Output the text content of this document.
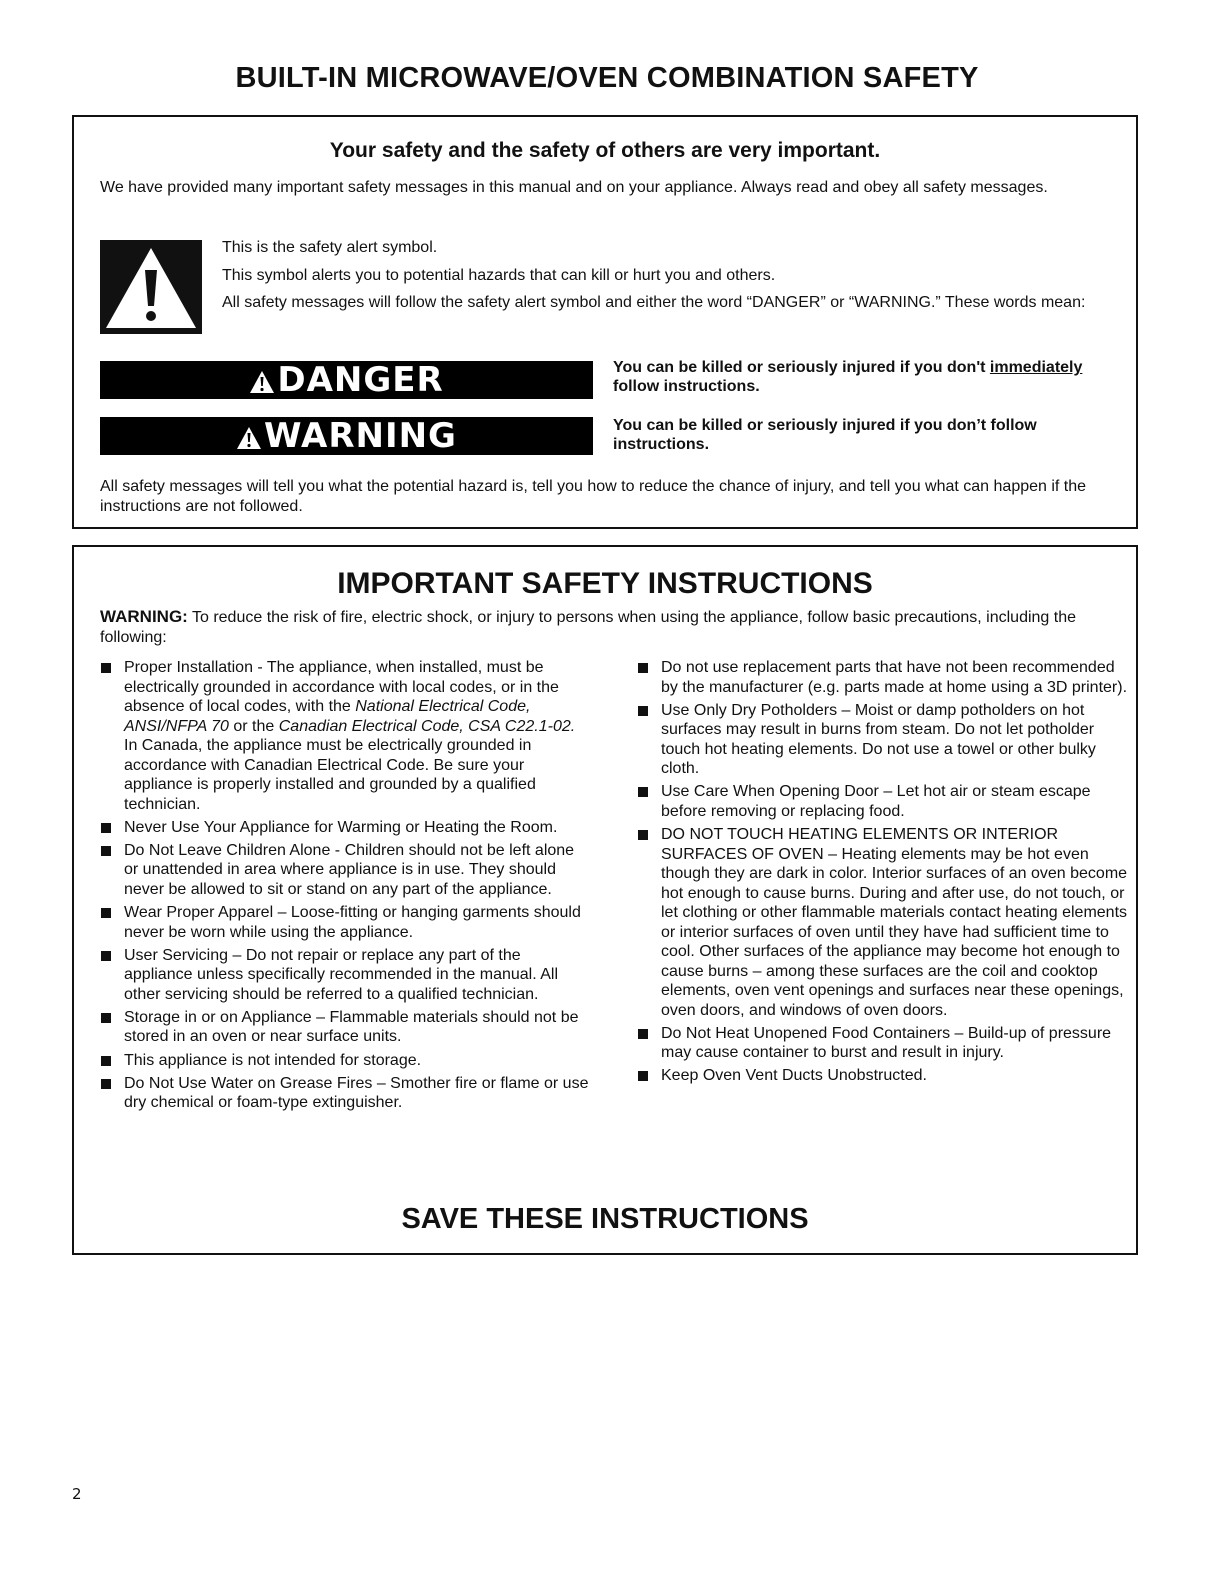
BUILT-IN MICROWAVE/OVEN COMBINATION SAFETY
Your safety and the safety of others are very important.

We have provided many important safety messages in this manual and on your appliance. Always read and obey all safety messages.

This is the safety alert symbol.

This symbol alerts you to potential hazards that can kill or hurt you and others.

All safety messages will follow the safety alert symbol and either the word “DANGER” or “WARNING.” These words mean:

DANGER	You can be killed or seriously injured if you don't immediately follow instructions.
WARNING	You can be killed or seriously injured if you don’t follow instructions.

All safety messages will tell you what the potential hazard is, tell you how to reduce the chance of injury, and tell you what can happen if the instructions are not followed.

IMPORTANT SAFETY INSTRUCTIONS

WARNING: To reduce the risk of fire, electric shock, or injury to persons when using the appliance, follow basic precautions, including the following:

Proper Installation - The appliance, when installed, must be electrically grounded in accordance with local codes, or in the absence of local codes, with the National Electrical Code, ANSI/NFPA 70 or the Canadian Electrical Code, CSA C22.1-02. In Canada, the appliance must be electrically grounded in accordance with Canadian Electrical Code. Be sure your appliance is properly installed and grounded by a qualified technician.
Never Use Your Appliance for Warming or Heating the Room.
Do Not Leave Children Alone - Children should not be left alone or unattended in area where appliance is in use. They should never be allowed to sit or stand on any part of the appliance.
Wear Proper Apparel – Loose-fitting or hanging garments should never be worn while using the appliance.
User Servicing – Do not repair or replace any part of the appliance unless specifically recommended in the manual. All other servicing should be referred to a qualified technician.
Storage in or on Appliance – Flammable materials should not be stored in an oven or near surface units.
This appliance is not intended for storage.
Do Not Use Water on Grease Fires – Smother fire or flame or use dry chemical or foam-type extinguisher.
Do not use replacement parts that have not been recommended by the manufacturer (e.g. parts made at home using a 3D printer).
Use Only Dry Potholders – Moist or damp potholders on hot surfaces may result in burns from steam. Do not let potholder touch hot heating elements. Do not use a towel or other bulky cloth.
Use Care When Opening Door – Let hot air or steam escape before removing or replacing food.
DO NOT TOUCH HEATING ELEMENTS OR INTERIOR SURFACES OF OVEN – Heating elements may be hot even though they are dark in color. Interior surfaces of an oven become hot enough to cause burns. During and after use, do not touch, or let clothing or other flammable materials contact heating elements or interior surfaces of oven until they have had sufficient time to cool. Other surfaces of the appliance may become hot enough to cause burns – among these surfaces are the coil and cooktop elements, oven vent openings and surfaces near these openings, oven doors, and windows of oven doors.
Do Not Heat Unopened Food Containers – Build-up of pressure may cause container to burst and result in injury.
Keep Oven Vent Ducts Unobstructed.
SAVE THESE INSTRUCTIONS
2
